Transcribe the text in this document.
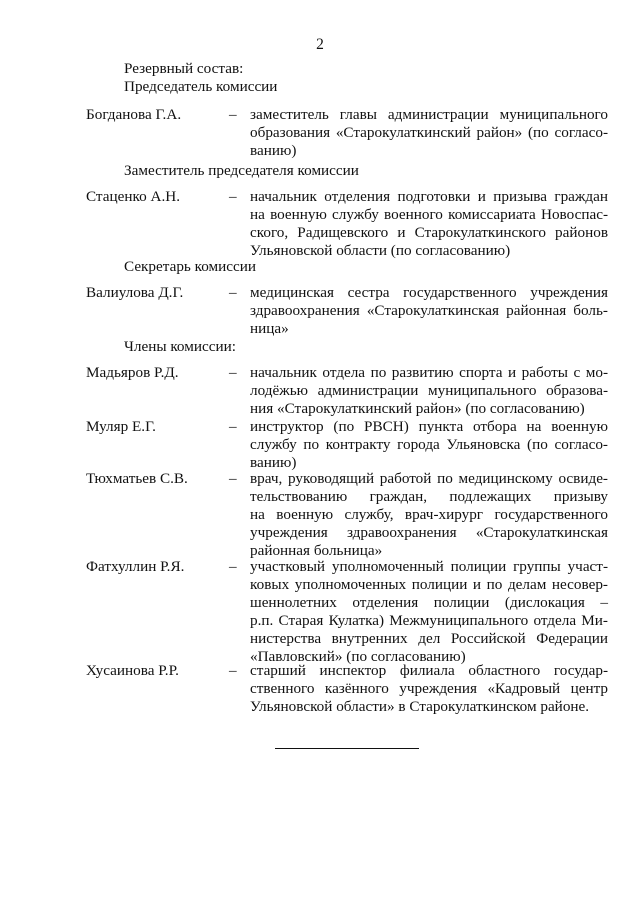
2
Резервный состав:
Председатель комиссии
Богданова Г.А.	– заместитель главы администрации муниципального
образования «Старокулаткинский район» (по согласо-
ванию)
Заместитель председателя комиссии
Стаценко А.Н.	– начальник отделения подготовки и призыва граждан
на военную службу военного комиссариата Новоспас-
ского, Радищевского и Старокулаткинского районов
Ульяновской области (по согласованию)
Секретарь комиссии
Валиулова Д.Г.	– медицинская сестра государственного учреждения
здравоохранения «Старокулаткинская районная боль-
ница»
Члены комиссии:
Мадьяров Р.Д.	– начальник отдела по развитию спорта и работы с мо-
лодёжью администрации муниципального образова-
ния «Старокулаткинский район» (по согласованию)
Муляр Е.Г.	– инструктор (по РВСН) пункта отбора на военную
службу по контракту города Ульяновска (по согласо-
ванию)
Тюхматьев С.В.	– врач, руководящий работой по медицинскому освиде-
тельствованию граждан, подлежащих призыву
на военную службу, врач-хирург государственного
учреждения здравоохранения «Старокулаткинская
районная больница»
Фатхуллин Р.Я.	– участковый уполномоченный полиции группы участ-
ковых уполномоченных полиции и по делам несовер-
шеннолетних отделения полиции (дислокация –
р.п. Старая Кулатка) Межмуниципального отдела Ми-
нистерства внутренних дел Российской Федерации
«Павловский» (по согласованию)
Хусаинова Р.Р.	– старший инспектор филиала областного государ-
ственного казённого учреждения «Кадровый центр
Ульяновской области» в Старокулаткинском районе.
